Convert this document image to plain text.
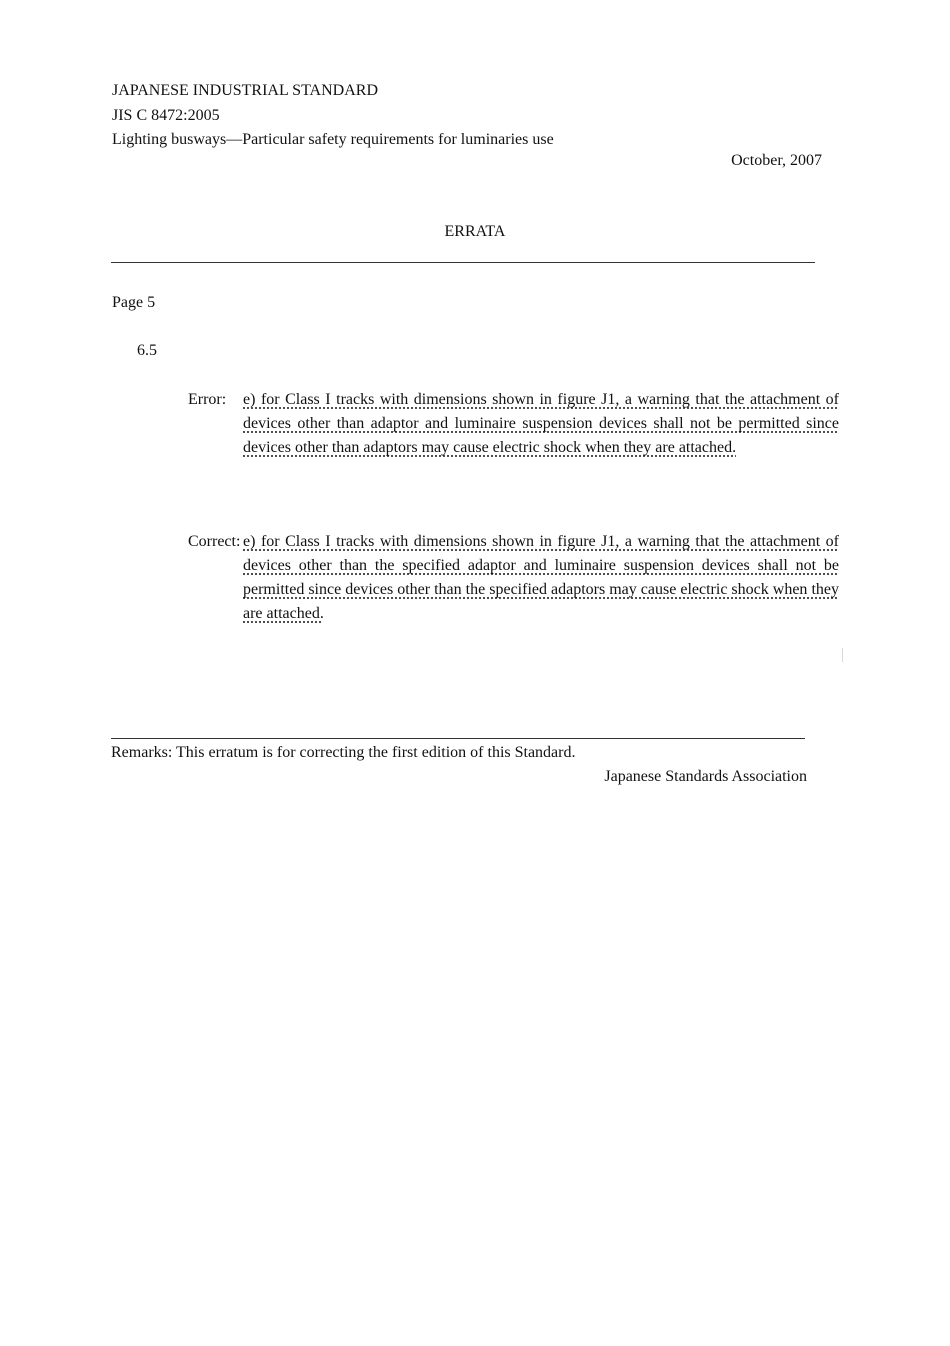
JAPANESE INDUSTRIAL STANDARD
JIS C 8472:2005
Lighting busways—Particular safety requirements for luminaries use
October, 2007
ERRATA
Page 5
6.5
Error: e) for Class I tracks with dimensions shown in figure J1, a warning that the attachment of devices other than adaptor and luminaire suspension devices shall not be permitted since devices other than adaptors may cause electric shock when they are attached.
Correct: e) for Class I tracks with dimensions shown in figure J1, a warning that the attachment of devices other than the specified adaptor and luminaire suspension devices shall not be permitted since devices other than the specified adaptors may cause electric shock when they are attached.
Remarks: This erratum is for correcting the first edition of this Standard.
Japanese Standards Association
